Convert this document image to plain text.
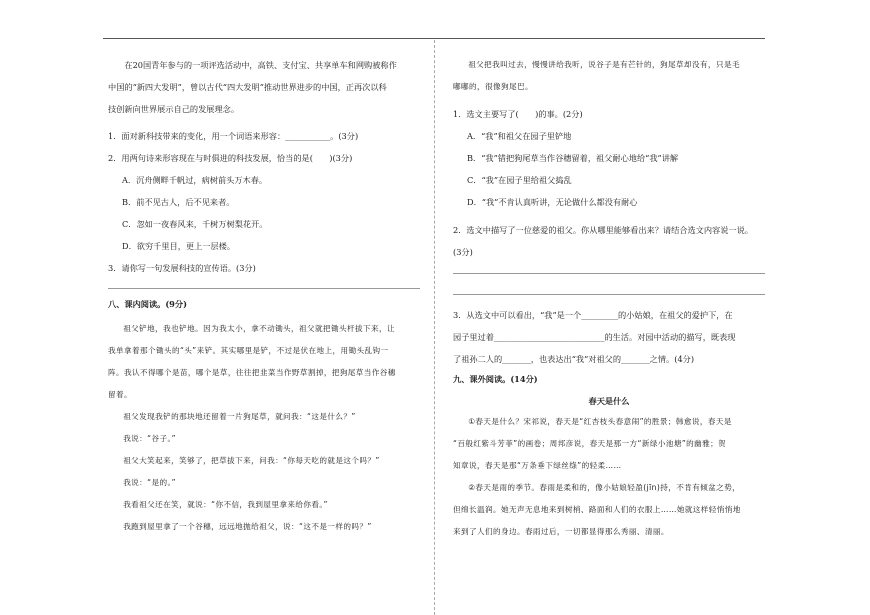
在20国青年参与的一项评选活动中，高铁、支付宝、共享单车和网购被称作
中国的“新四大发明”，曾以古代“四大发明”推动世界进步的中国，正再次以科
技创新向世界展示自己的发展理念。

1．面对新科技带来的变化，用一个词语来形容：___________。(3分)

2．用两句诗来形容现在与时俱进的科技发展，恰当的是(　　)(3分)

A．沉舟侧畔千帆过，病树前头万木春。

B．前不见古人，后不见来者。

C．忽如一夜春风来，千树万树梨花开。

D．欲穷千里目，更上一层楼。

3．请你写一句发展科技的宣传语。(3分)

八、课内阅读。(9分)

祖父铲地，我也铲地。因为我太小，拿不动锄头，祖父就把锄头杆拔下来，让
我单拿着那个锄头的“头”来铲。其实哪里是铲，不过是伏在地上，用锄头乱钩一
阵。我认不得哪个是苗，哪个是草，往往把韭菜当作野草割掉，把狗尾草当作谷穗
留着。

祖父发现我铲的那块地还留着一片狗尾草，就问我：“这是什么？”

我说：“谷子。”

祖父大笑起来，笑够了，把草拔下来，问我：“你每天吃的就是这个吗？”

我说：“是的。”

我看祖父还在笑，就说：“你不信，我到屋里拿来给你看。”

我跑到屋里拿了一个谷穗，远远地抛给祖父，说：“这不是一样的吗？”

祖父把我叫过去，慢慢讲给我听，说谷子是有芒针的，狗尾草却没有，只是毛
嘟嘟的，很像狗尾巴。

1．选文主要写了(　　)的事。(2分)

A．“我”和祖父在园子里铲地

B．“我”错把狗尾草当作谷穗留着，祖父耐心地给“我”讲解

C．“我”在园子里给祖父捣乱

D．“我”不肯认真听讲，无论做什么都没有耐心

2．选文中描写了一位慈爱的祖父。你从哪里能够看出来？请结合选文内容说一说。
(3分)

3．从选文中可以看出，“我”是一个_________的小姑娘，在祖父的爱护下，在
园子里过着___________________________的生活。对园中活动的描写，既表现
了祖孙二人的_______，也表达出“我”对祖父的_______之情。(4分)

九、课外阅读。(14分)

春天是什么

①春天是什么？宋祁说，春天是“红杏枝头春意闹”的胜景；韩愈说，春天是
“百般红紫斗芳菲”的画卷；周邦彦说，春天是那一方“新绿小池塘”的幽雅；贺
知章说，春天是那“万条垂下绿丝绦”的轻柔……

②春天是雨的季节。春雨是柔和的，像小姑娘轻盈(jīn)持，不肯有倾盆之势，
但绵长温润。她无声无息地来到树梢、路面和人们的衣服上……她就这样轻悄悄地
来到了人们的身边。春雨过后，一切都显得那么秀丽、清丽。
